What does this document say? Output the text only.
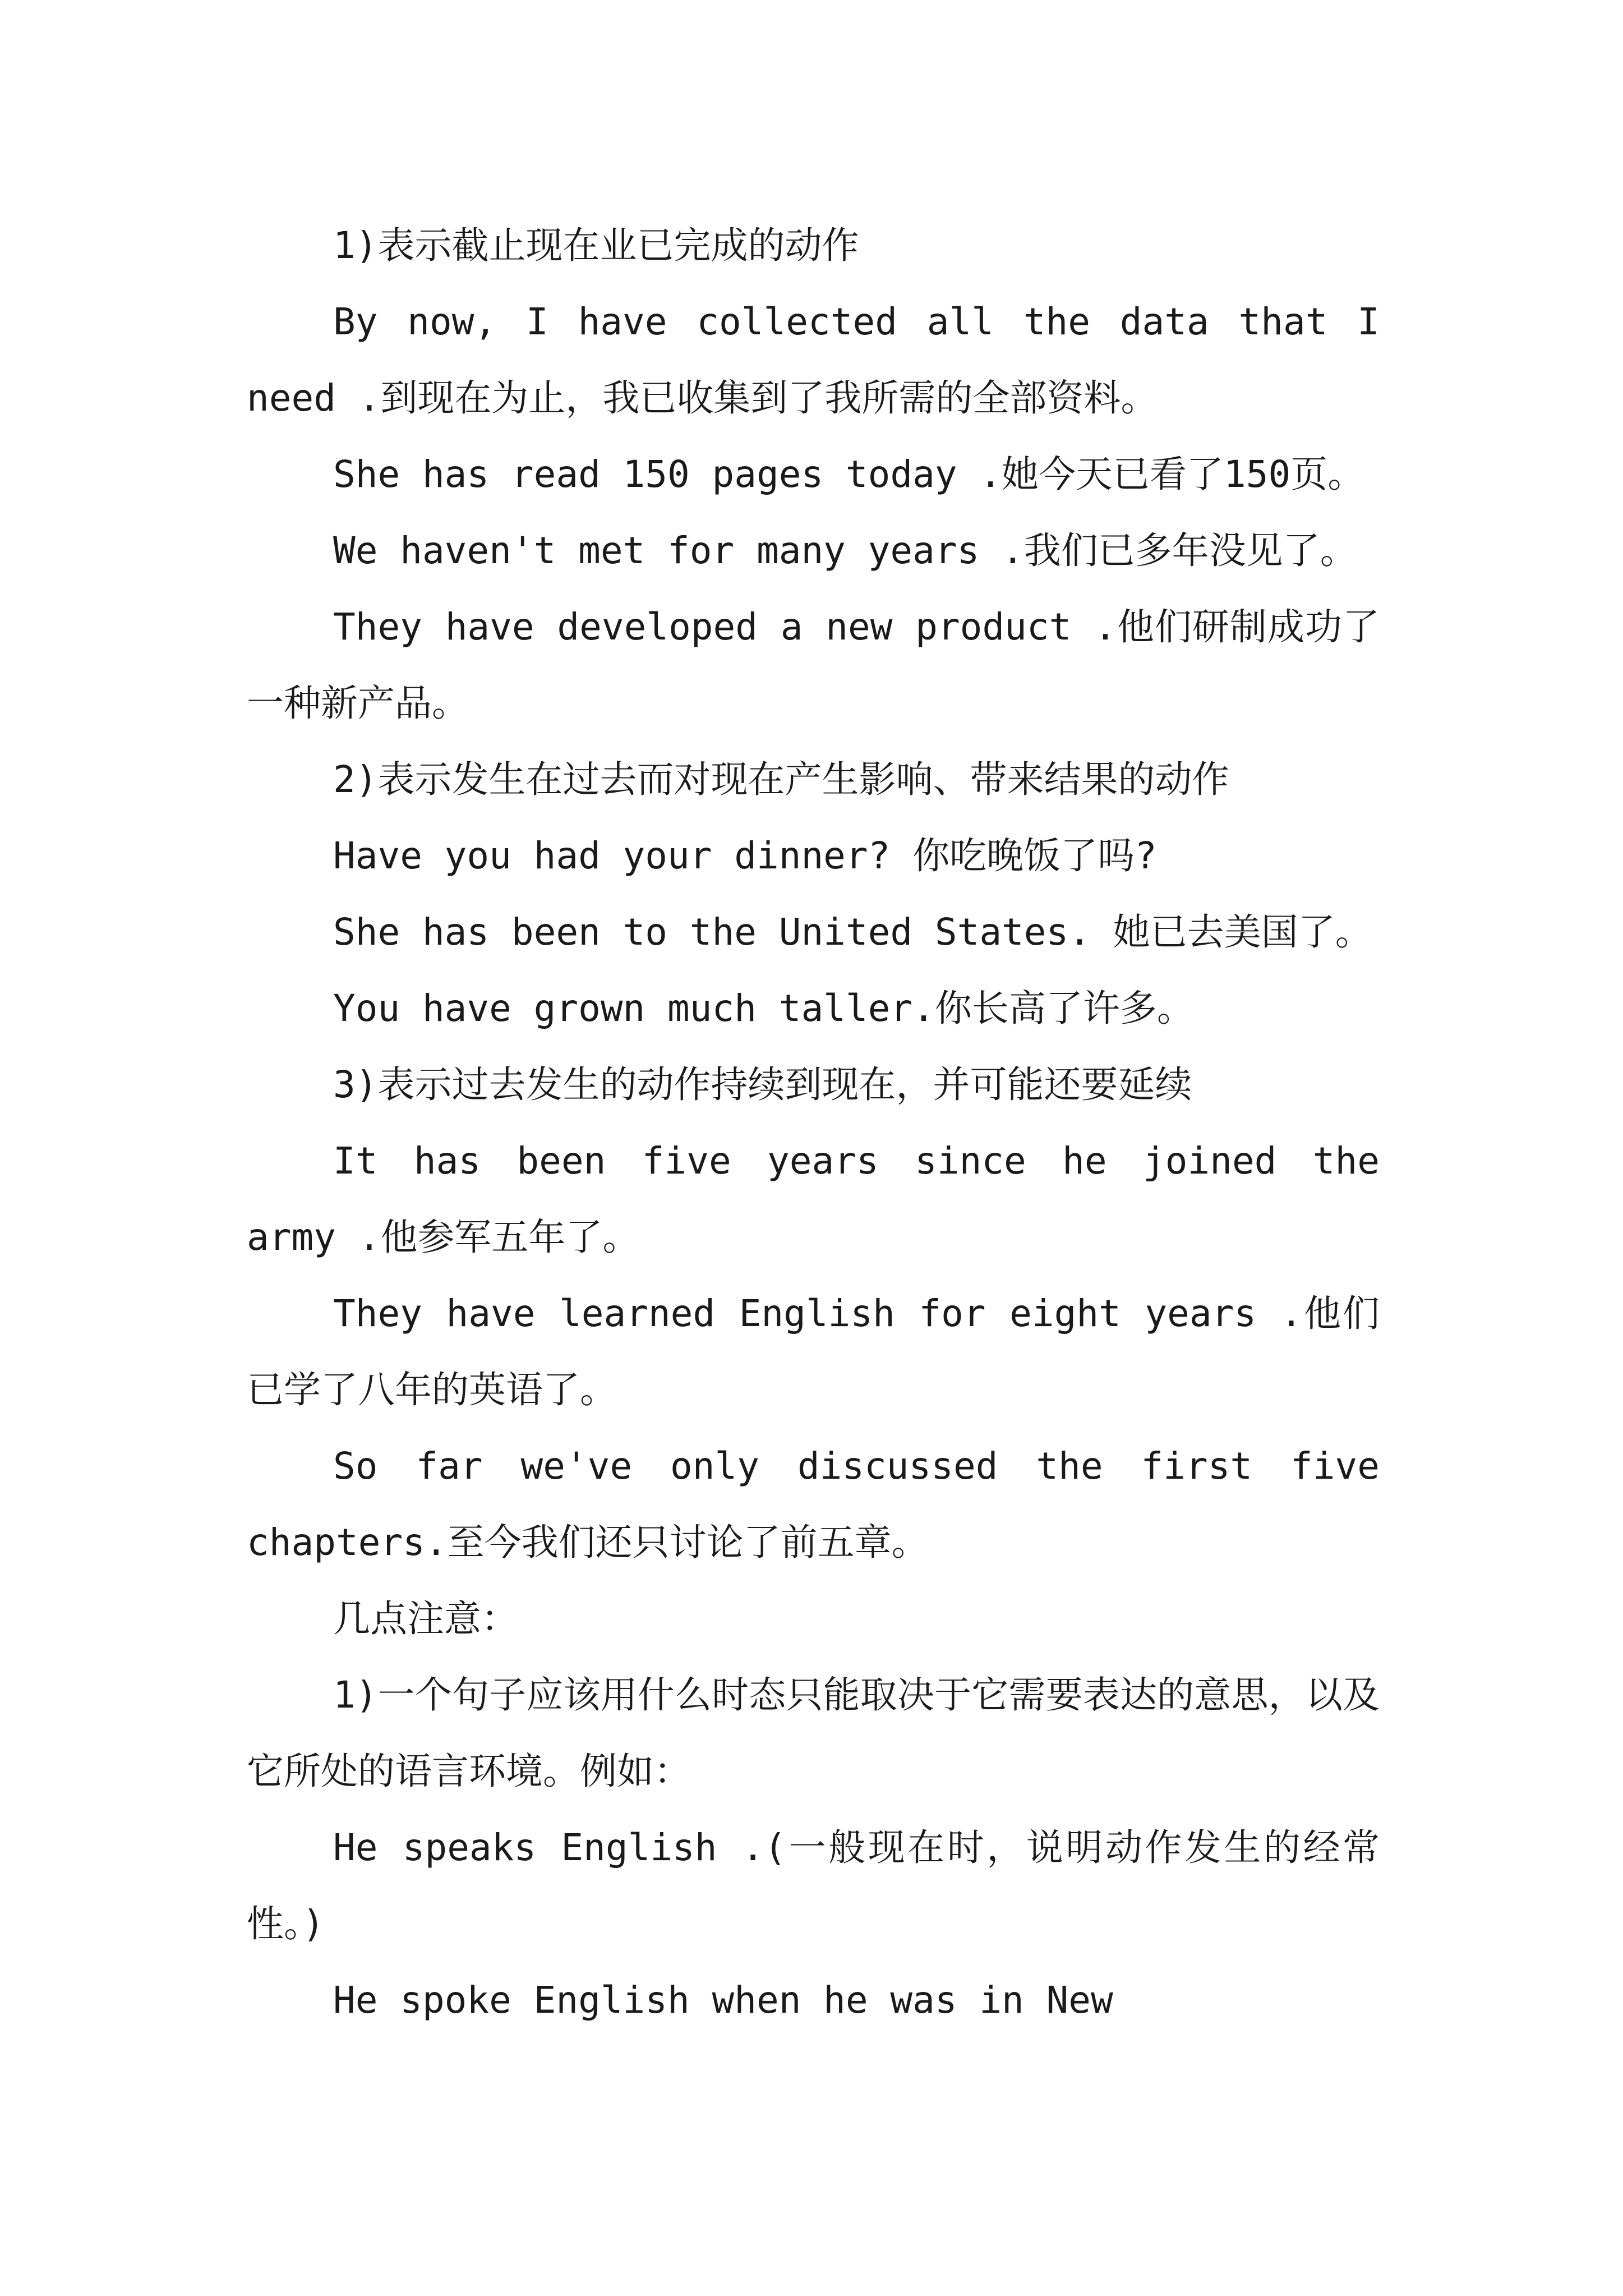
1)表示截止现在业已完成的动作

By now, I have collected all the data that I need .到现在为止，我已收集到了我所需的全部资料。

She has read 150 pages today .她今天已看了150页。

We haven't met for many years .我们已多年没见了。

They have developed a new product .他们研制成功了一种新产品。

2)表示发生在过去而对现在产生影响、带来结果的动作

Have you had your dinner? 你吃晚饭了吗?

She has been to the United States. 她已去美国了。

You have grown much taller.你长高了许多。

3)表示过去发生的动作持续到现在，并可能还要延续

It has been five years since he joined the army .他参军五年了。

They have learned English for eight years .他们已学了八年的英语了。

So far we've only discussed the first five chapters.至今我们还只讨论了前五章。

几点注意：

1)一个句子应该用什么时态只能取决于它需要表达的意思，以及它所处的语言环境。例如：

He speaks English .(一般现在时，说明动作发生的经常性。)

He spoke English when he was in New
